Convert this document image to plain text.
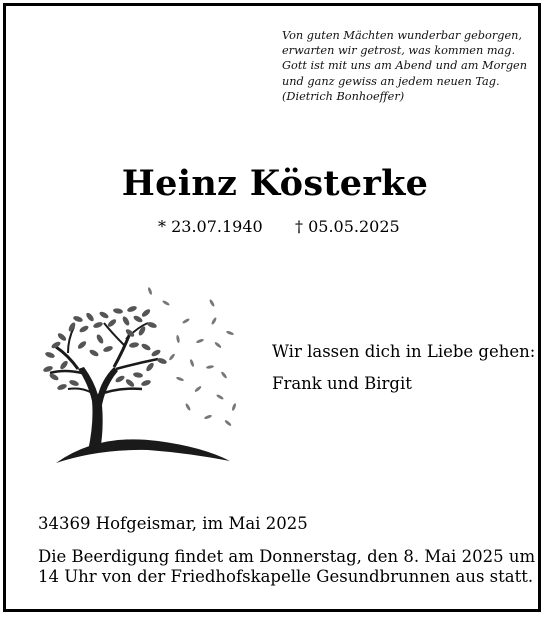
Von guten Mächten wunderbar geborgen,
erwarten wir getrost, was kommen mag.
Gott ist mit uns am Abend und am Morgen
und ganz gewiss an jedem neuen Tag.
(Dietrich Bonhoeffer)
Heinz Kösterke
* 23.07.1940 † 05.05.2025
Wir lassen dich in Liebe gehen:
Frank und Birgit
34369 Hofgeismar, im Mai 2025
Die Beerdigung findet am Donnerstag, den 8. Mai 2025 um
14 Uhr von der Friedhofskapelle Gesundbrunnen aus statt.
